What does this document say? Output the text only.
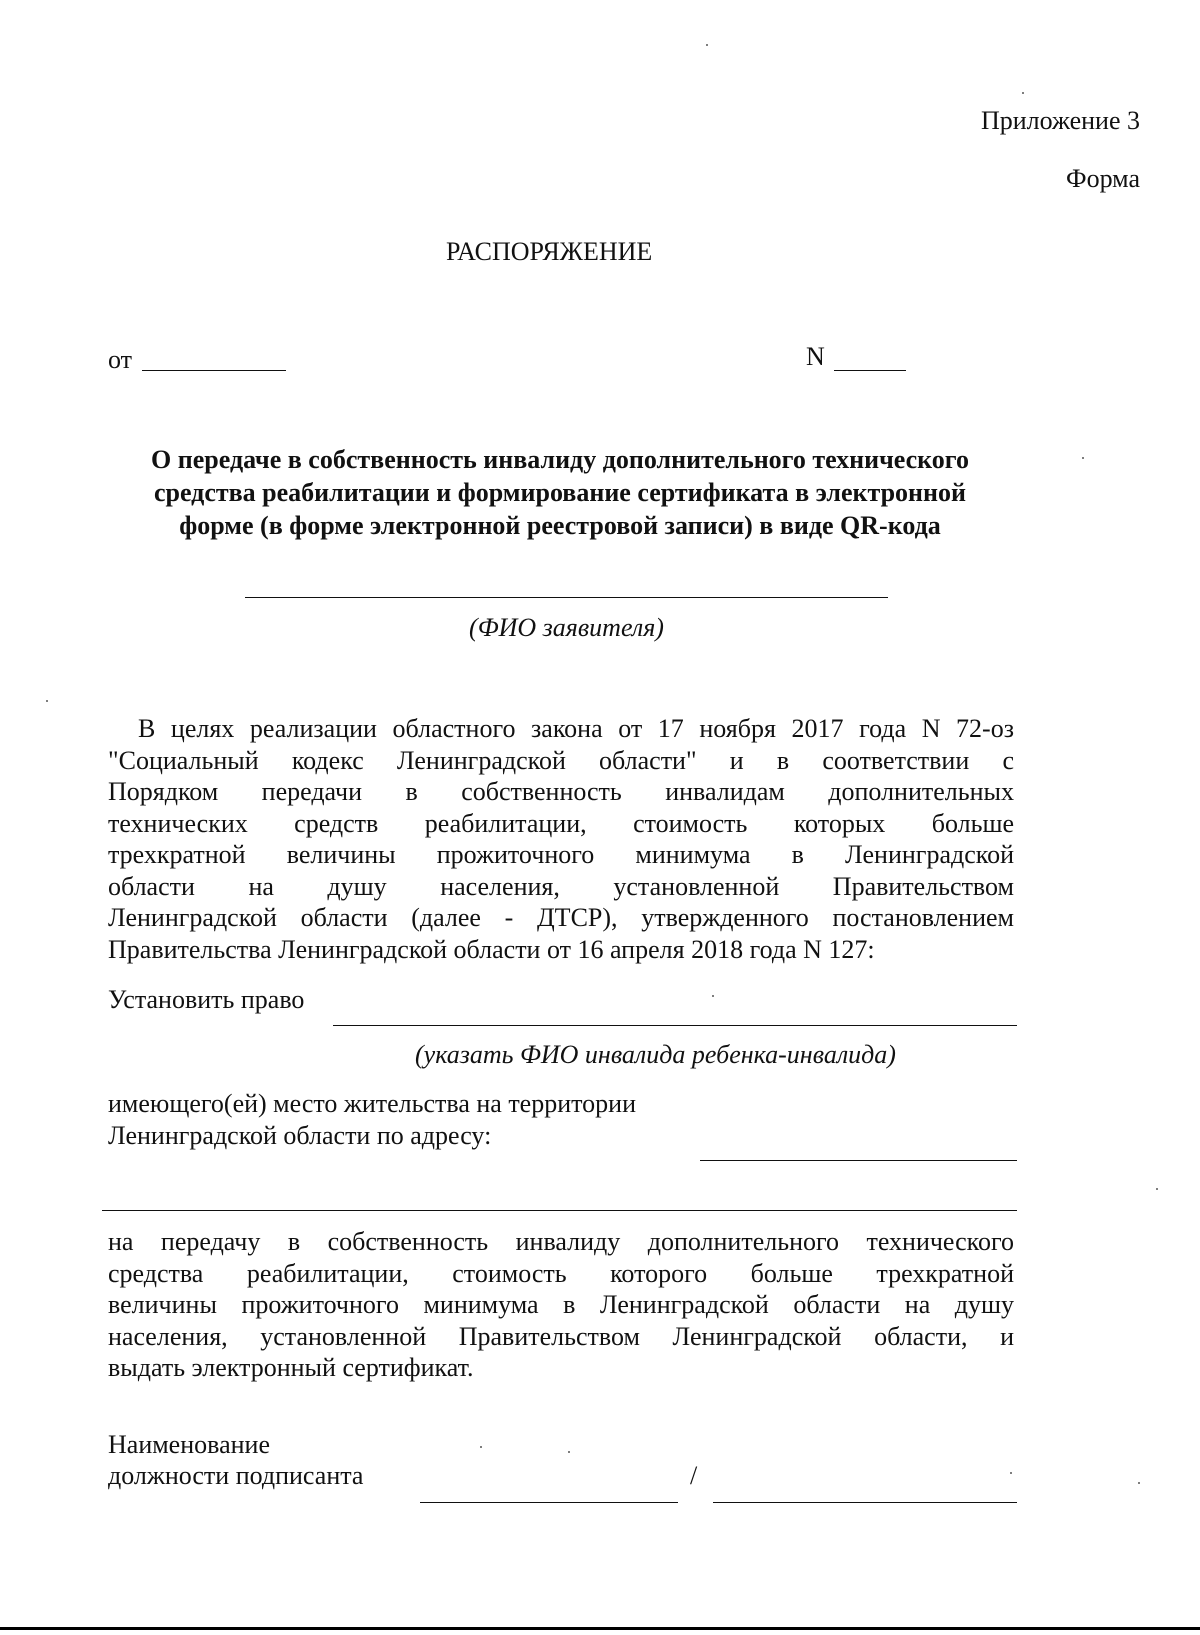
Приложение 3
Форма
РАСПОРЯЖЕНИЕ
от	N
О передаче в собственность инвалиду дополнительного технического
средства реабилитации и формирование сертификата в электронной
форме (в форме электронной реестровой записи) в виде QR-кода
(ФИО заявителя)
В целях реализации областного закона от 17 ноября 2017 года N 72-оз
"Социальный кодекс Ленинградской области" и в соответствии с
Порядком передачи в собственность инвалидам дополнительных
технических средств реабилитации, стоимость которых больше
трехкратной величины прожиточного минимума в Ленинградской
области на душу населения, установленной Правительством
Ленинградской области (далее - ДТСР), утвержденного постановлением
Правительства Ленинградской области от 16 апреля 2018 года N 127:
Установить право
(указать ФИО инвалида ребенка-инвалида)
имеющего(ей) место жительства на территории
Ленинградской области по адресу:
на передачу в собственность инвалиду дополнительного технического
средства реабилитации, стоимость которого больше трехкратной
величины прожиточного минимума в Ленинградской области на душу
населения, установленной Правительством Ленинградской области, и
выдать электронный сертификат.
Наименование
должности подписанта	/
